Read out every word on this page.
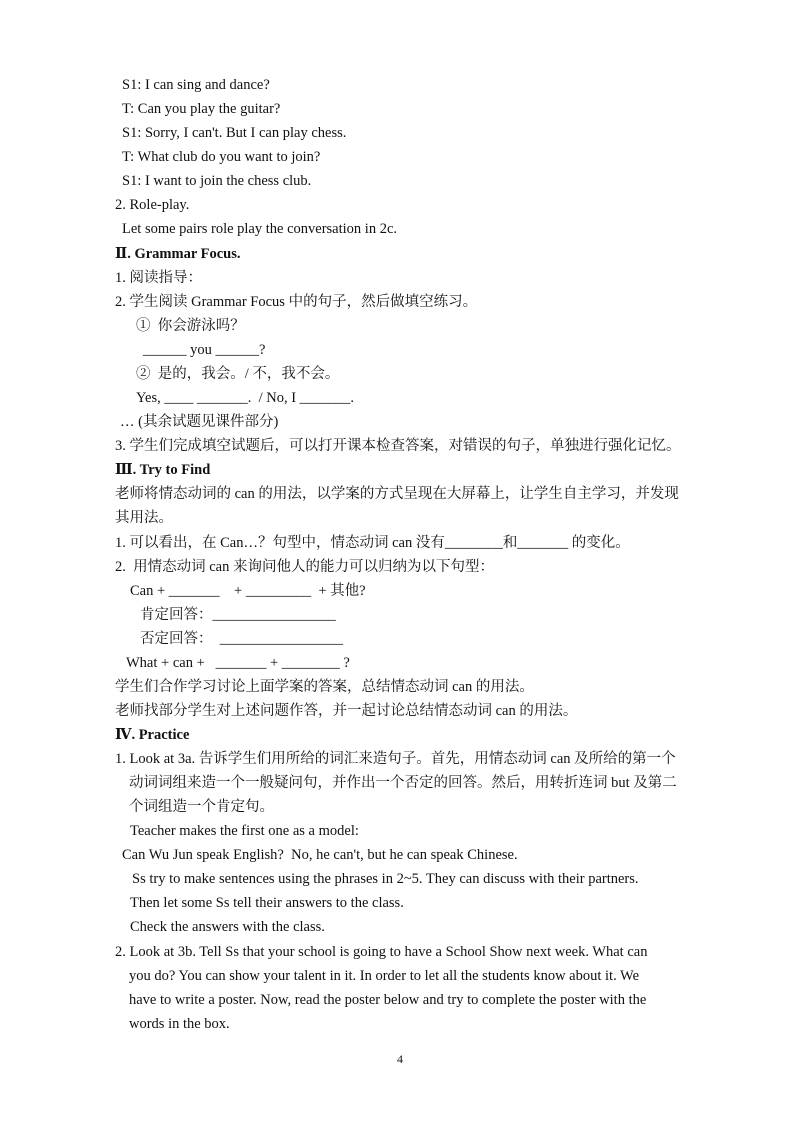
S1: I can sing and dance?
T: Can you play the guitar?
S1: Sorry, I can't. But I can play chess.
T: What club do you want to join?
S1: I want to join the chess club.
2. Role-play.
Let some pairs role play the conversation in 2c.
Ⅱ. Grammar Focus.
1. 阅读指导：
2. 学生阅读 Grammar Focus 中的句子，然后做填空练习。
①  你会游泳吗？
______ you ______?
②  是的，我会。/ 不，我不会。
Yes, ____ _______.  / No, I _______.
… (其余试题见课件部分)
3. 学生们完成填空试题后，可以打开课本检查答案，对错误的句子，单独进行强化记忆。
Ⅲ. Try to Find
老师将情态动词的 can 的用法，以学案的方式呈现在大屏幕上，让学生自主学习，并发现
其用法。
1. 可以看出，在 Can…？句型中，情态动词 can 没有________和_______ 的变化。
2.  用情态动词 can 来询问他人的能力可以归纳为以下句型：
Can + _______    + _________  + 其他?
肯定回答：_________________
否定回答：  _________________
What + can +   _______ + ________ ?
学生们合作学习讨论上面学案的答案，总结情态动词 can 的用法。
老师找部分学生对上述问题作答，并一起讨论总结情态动词 can 的用法。
Ⅳ. Practice
1. Look at 3a. 告诉学生们用所给的词汇来造句子。首先，用情态动词 can 及所给的第一个
动词词组来造一个一般疑问句，并作出一个否定的回答。然后，用转折连词 but 及第二
个词组造一个肯定句。
Teacher makes the first one as a model:
Can Wu Jun speak English?  No, he can't, but he can speak Chinese.
Ss try to make sentences using the phrases in 2~5. They can discuss with their partners.
Then let some Ss tell their answers to the class.
Check the answers with the class.
2. Look at 3b. Tell Ss that your school is going to have a School Show next week. What can
you do? You can show your talent in it. In order to let all the students know about it. We
have to write a poster. Now, read the poster below and try to complete the poster with the
words in the box.
4
